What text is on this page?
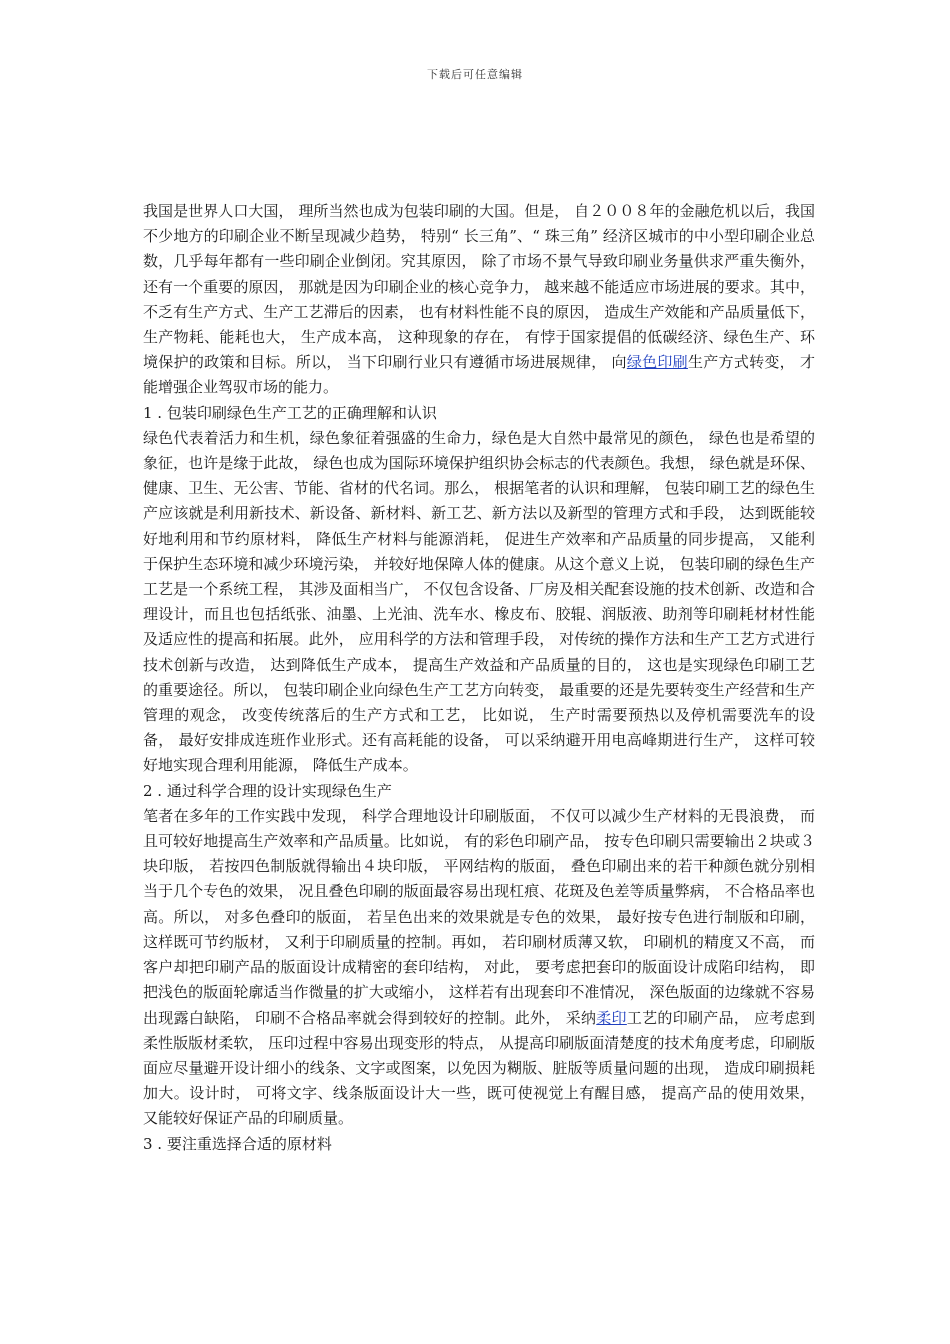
下载后可任意编辑

我国是世界人口大国， 理所当然也成为包装印刷的大国。但是， 自２００８年的金融危机以后，我国不少地方的印刷企业不断呈现减少趋势， 特别“ 长三角”、“ 珠三角” 经济区城市的中小型印刷企业总数，几乎每年都有一些印刷企业倒闭。究其原因， 除了市场不景气导致印刷业务量供求严重失衡外， 还有一个重要的原因， 那就是因为印刷企业的核心竞争力， 越来越不能适应市场进展的要求。其中， 不乏有生产方式、生产工艺滞后的因素， 也有材料性能不良的原因， 造成生产效能和产品质量低下， 生产物耗、能耗也大， 生产成本高， 这种现象的存在， 有悖于国家提倡的低碳经济、绿色生产、环境保护的政策和目标。所以， 当下印刷行业只有遵循市场进展规律， 向绿色印刷生产方式转变， 才能增强企业驾驭市场的能力。

1 . 包装印刷绿色生产工艺的正确理解和认识

绿色代表着活力和生机，绿色象征着强盛的生命力，绿色是大自然中最常见的颜色， 绿色也是希望的象征，也许是缘于此故， 绿色也成为国际环境保护组织协会标志的代表颜色。我想， 绿色就是环保、健康、卫生、无公害、节能、省材的代名词。那么， 根据笔者的认识和理解， 包装印刷工艺的绿色生产应该就是利用新技术、新设备、新材料、新工艺、新方法以及新型的管理方式和手段， 达到既能较好地利用和节约原材料， 降低生产材料与能源消耗， 促进生产效率和产品质量的同步提高， 又能利于保护生态环境和减少环境污染， 并较好地保障人体的健康。从这个意义上说， 包装印刷的绿色生产工艺是一个系统工程， 其涉及面相当广， 不仅包含设备、厂房及相关配套设施的技术创新、改造和合理设计，而且也包括纸张、油墨、上光油、洗车水、橡皮布、胶辊、润版液、助剂等印刷耗材材性能及适应性的提高和拓展。此外， 应用科学的方法和管理手段， 对传统的操作方法和生产工艺方式进行技术创新与改造， 达到降低生产成本， 提高生产效益和产品质量的目的， 这也是实现绿色印刷工艺的重要途径。所以， 包装印刷企业向绿色生产工艺方向转变， 最重要的还是先要转变生产经营和生产管理的观念， 改变传统落后的生产方式和工艺， 比如说， 生产时需要预热以及停机需要洗车的设备， 最好安排成连班作业形式。还有高耗能的设备， 可以采纳避开用电高峰期进行生产， 这样可较好地实现合理利用能源， 降低生产成本。

2 . 通过科学合理的设计实现绿色生产

笔者在多年的工作实践中发现， 科学合理地设计印刷版面， 不仅可以减少生产材料的无畏浪费， 而且可较好地提高生产效率和产品质量。比如说， 有的彩色印刷产品， 按专色印刷只需要输出２块或３块印版， 若按四色制版就得输出４块印版， 平网结构的版面， 叠色印刷出来的若干种颜色就分别相当于几个专色的效果， 况且叠色印刷的版面最容易出现杠痕、花斑及色差等质量弊病， 不合格品率也高。所以， 对多色叠印的版面， 若呈色出来的效果就是专色的效果， 最好按专色进行制版和印刷， 这样既可节约版材， 又利于印刷质量的控制。再如， 若印刷材质薄又软， 印刷机的精度又不高， 而客户却把印刷产品的版面设计成精密的套印结构， 对此， 要考虑把套印的版面设计成陷印结构， 即把浅色的版面轮廓适当作微量的扩大或缩小， 这样若有出现套印不准情况， 深色版面的边缘就不容易出现露白缺陷， 印刷不合格品率就会得到较好的控制。此外， 采纳柔印工艺的印刷产品， 应考虑到柔性版版材柔软， 压印过程中容易出现变形的特点， 从提高印刷版面清楚度的技术角度考虑，印刷版面应尽量避开设计细小的线条、文字或图案，以免因为糊版、脏版等质量问题的出现， 造成印刷损耗加大。设计时， 可将文字、线条版面设计大一些，既可使视觉上有醒目感， 提高产品的使用效果， 又能较好保证产品的印刷质量。

3 . 要注重选择合适的原材料
